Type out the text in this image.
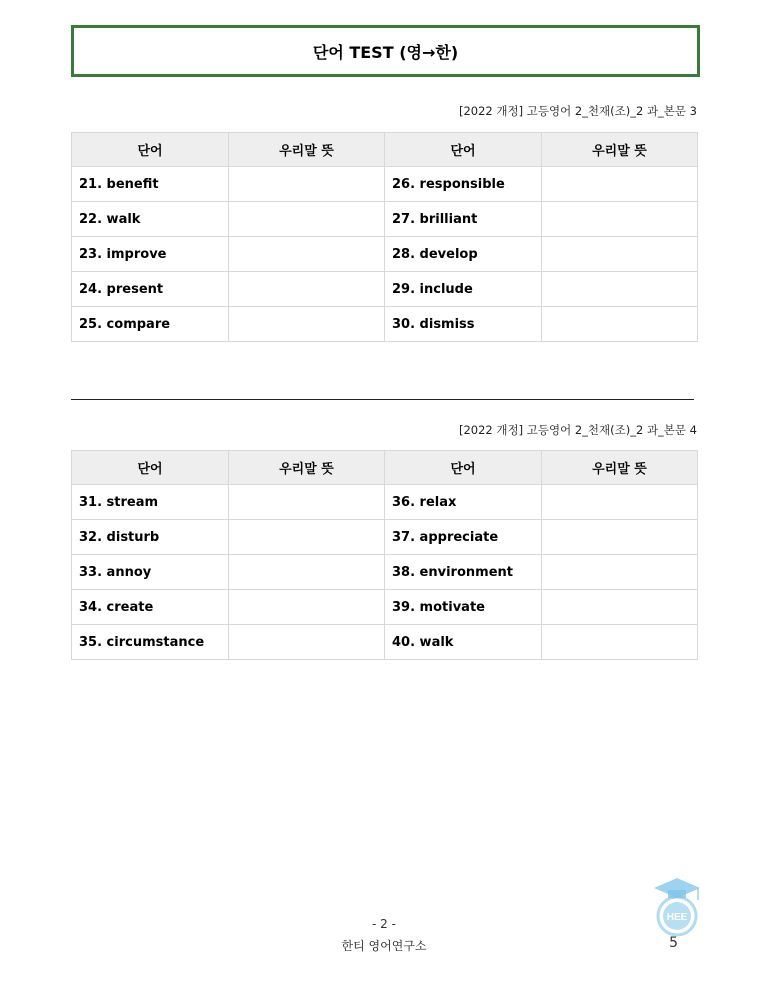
단어 TEST (영→한)
[2022 개정] 고등영어 2_천재(조)_2 과_본문 3
단어	우리말 뜻	단어	우리말 뜻
21. benefit		26. responsible	
22. walk		27. brilliant	
23. improve		28. develop	
24. present		29. include	
25. compare		30. dismiss	
[2022 개정] 고등영어 2_천재(조)_2 과_본문 4
단어	우리말 뜻	단어	우리말 뜻
31. stream		36. relax	
32. disturb		37. appreciate	
33. annoy		38. environment	
34. create		39. motivate	
35. circumstance		40. walk	
- 2 -
한티 영어연구소	5
HEE
